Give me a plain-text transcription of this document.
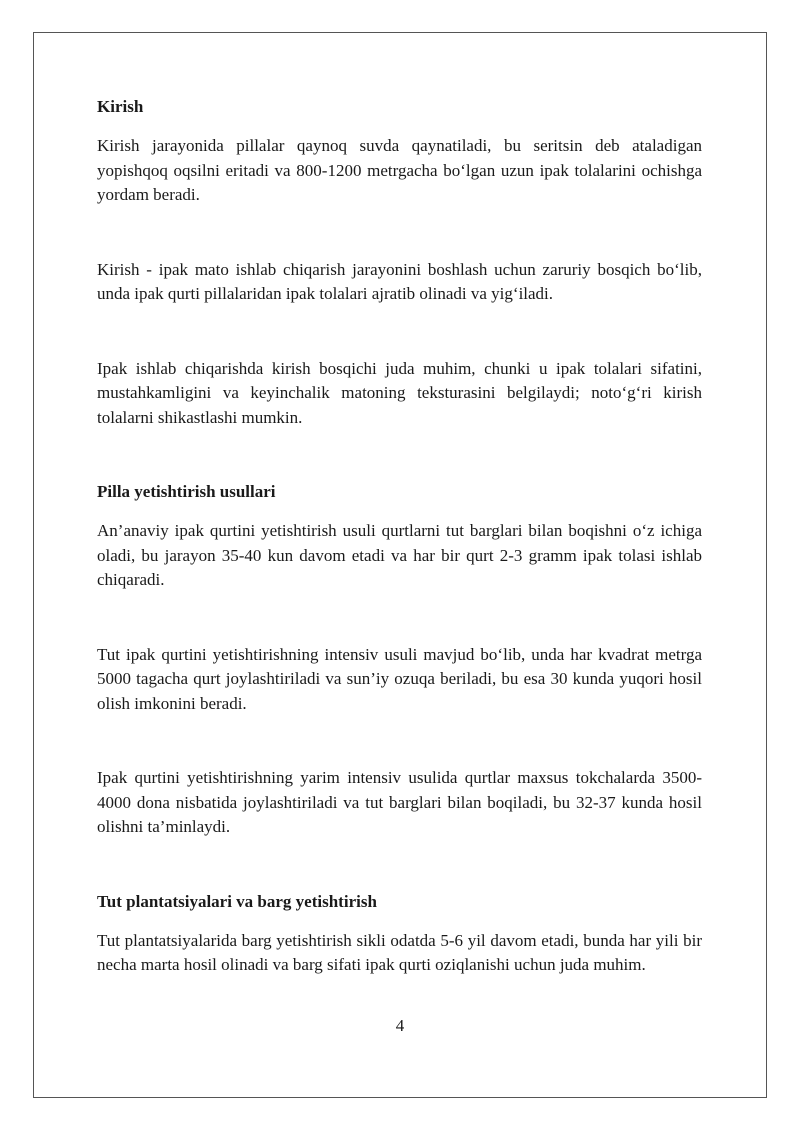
Kirish

Kirish jarayonida pillalar qaynoq suvda qaynatiladi, bu seritsin deb ataladigan yopishqoq oqsilni eritadi va 800-1200 metrgacha bo‘lgan uzun ipak tolalarini ochishga yordam beradi.

Kirish - ipak mato ishlab chiqarish jarayonini boshlash uchun zaruriy bosqich bo‘lib, unda ipak qurti pillalaridan ipak tolalari ajratib olinadi va yig‘iladi.

Ipak ishlab chiqarishda kirish bosqichi juda muhim, chunki u ipak tolalari sifatini, mustahkamligini va keyinchalik matoning teksturasini belgilaydi; noto‘g‘ri kirish tolalarni shikastlashi mumkin.

Pilla yetishtirish usullari

An’anaviy ipak qurtini yetishtirish usuli qurtlarni tut barglari bilan boqishni o‘z ichiga oladi, bu jarayon 35-40 kun davom etadi va har bir qurt 2-3 gramm ipak tolasi ishlab chiqaradi.

Tut ipak qurtini yetishtirishning intensiv usuli mavjud bo‘lib, unda har kvadrat metrga 5000 tagacha qurt joylashtiriladi va sun’iy ozuqa beriladi, bu esa 30 kunda yuqori hosil olish imkonini beradi.

Ipak qurtini yetishtirishning yarim intensiv usulida qurtlar maxsus tokchalarda 3500-4000 dona nisbatida joylashtiriladi va tut barglari bilan boqiladi, bu 32-37 kunda hosil olishni ta’minlaydi.

Tut plantatsiyalari va barg yetishtirish

Tut plantatsiyalarida barg yetishtirish sikli odatda 5-6 yil davom etadi, bunda har yili bir necha marta hosil olinadi va barg sifati ipak qurti oziqlanishi uchun juda muhim.

4
